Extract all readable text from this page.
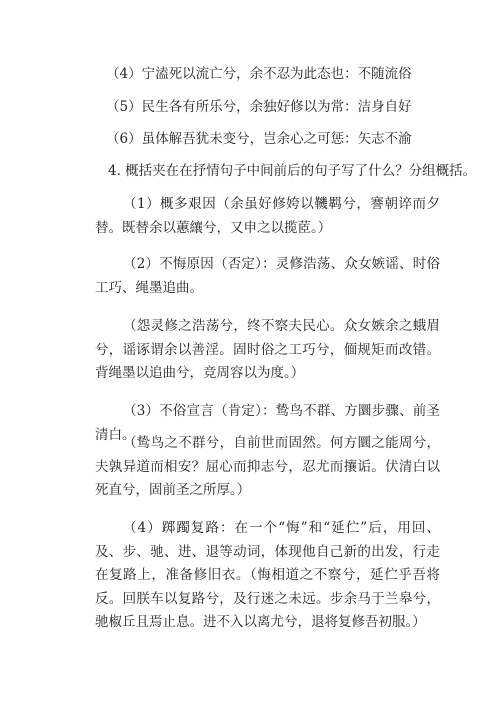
（4）宁溘死以流亡兮，余不忍为此态也：不随流俗
（5）民生各有所乐兮，余独好修以为常：洁身自好
（6）虽体解吾犹未变兮，岂余心之可惩：矢志不渝
4. 概括夹在在抒情句子中间前后的句子写了什么？分组概括。
（1）概多艰因（余虽好修姱以鞿羁兮，謇朝谇而夕替。既替余以蕙纕兮，又申之以揽茝。）
（2）不悔原因（否定）：灵修浩荡、众女嫉谣、时俗工巧、绳墨追曲。
（怨灵修之浩荡兮，终不察夫民心。众女嫉余之蛾眉兮，谣诼谓余以善淫。固时俗之工巧兮，偭规矩而改错。背绳墨以追曲兮，竞周容以为度。）
（3）不俗宣言（肯定）：鸷鸟不群、方圜步骤、前圣清白。
（鸷鸟之不群兮，自前世而固然。何方圜之能周兮，夫孰异道而相安？屈心而抑志兮，忍尤而攘诟。伏清白以死直兮，固前圣之所厚。）
（4）踯躅复路：在一个“悔”和“延伫”后，用回、及、步、驰、进、退等动词，体现他自己新的出发，行走在复路上，准备修旧衣。（悔相道之不察兮，延伫乎吾将反。回朕车以复路兮，及行迷之未远。步余马于兰皋兮，驰椒丘且焉止息。进不入以离尤兮，退将复修吾初服。）
